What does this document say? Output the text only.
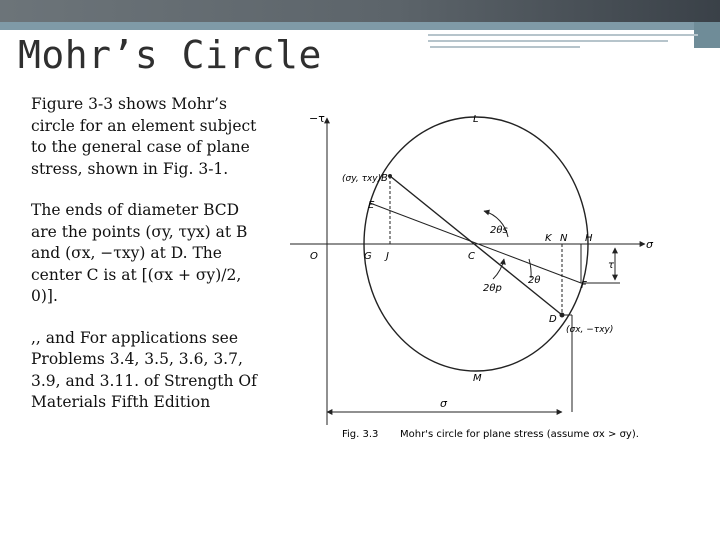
Mohr’s Circle

Figure 3-3 shows Mohr’s circle for an element subject to the general case of plane stress, shown in Fig. 3-1.

The ends of diameter BCD are the points (σy, τyx) at B and (σx, −τxy) at D. The center C is at [(σx + σy)/2, 0)].

,, and For applications see Problems 3.4, 3.5, 3.6, 3.7, 3.9, and 3.11. of Strength Of Materials Fifth Edition

−τ
σ
O	G J	C
K N H
L
M
E
F
B
D
(σy, τxy)
(σx, −τxy)
2θs
2θp
2θ
τ
σ
Fig. 3.3 Mohr's circle for plane stress (assume σx > σy).
